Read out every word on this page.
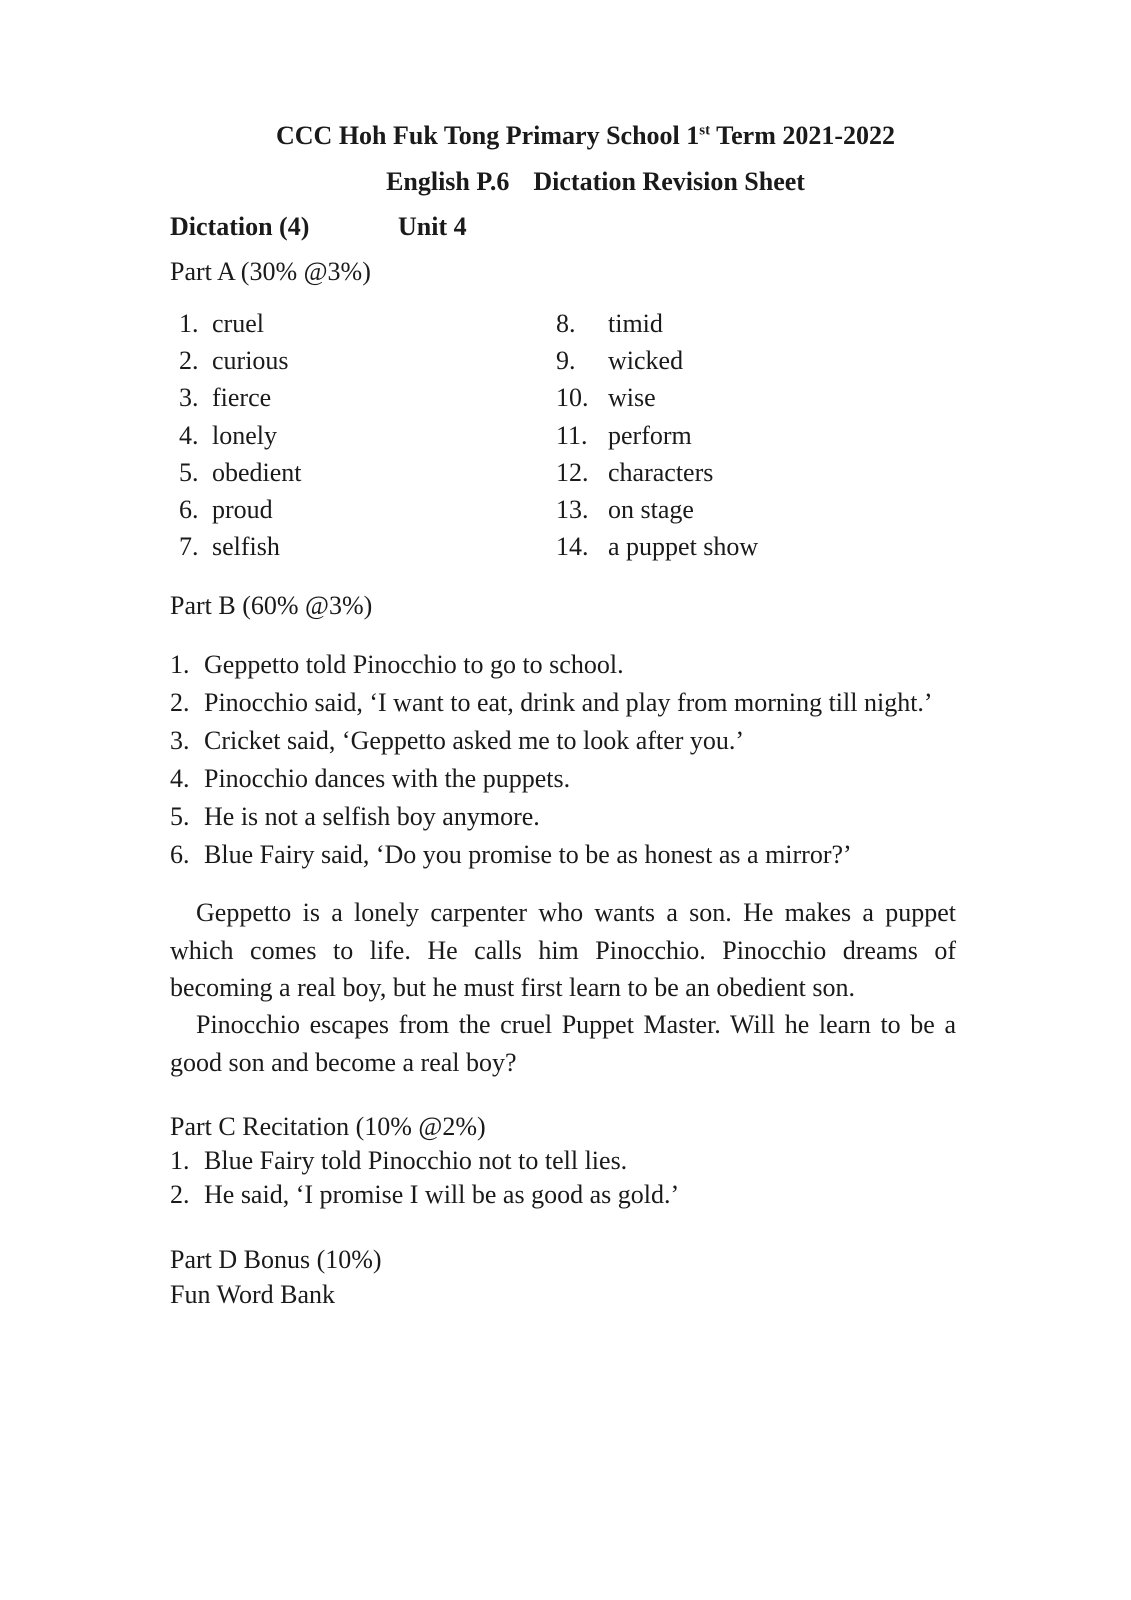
CCC Hoh Fuk Tong Primary School 1st Term 2021-2022
English P.6 Dictation Revision Sheet
Dictation (4)	Unit 4
Part A (30% @3%)
1. cruel
2. curious
3. fierce
4. lonely
5. obedient
6. proud
7. selfish
8. timid
9. wicked
10. wise
11. perform
12. characters
13. on stage
14. a puppet show
Part B (60% @3%)
1. Geppetto told Pinocchio to go to school.
2. Pinocchio said, ‘I want to eat, drink and play from morning till night.’
3. Cricket said, ‘Geppetto asked me to look after you.’
4. Pinocchio dances with the puppets.
5. He is not a selfish boy anymore.
6. Blue Fairy said, ‘Do you promise to be as honest as a mirror?’

Geppetto is a lonely carpenter who wants a son. He makes a puppet which comes to life. He calls him Pinocchio. Pinocchio dreams of becoming a real boy, but he must first learn to be an obedient son.

Pinocchio escapes from the cruel Puppet Master. Will he learn to be a good son and become a real boy?

Part C Recitation (10% @2%)
1. Blue Fairy told Pinocchio not to tell lies.
2. He said, ‘I promise I will be as good as gold.’
Part D Bonus (10%)
Fun Word Bank
